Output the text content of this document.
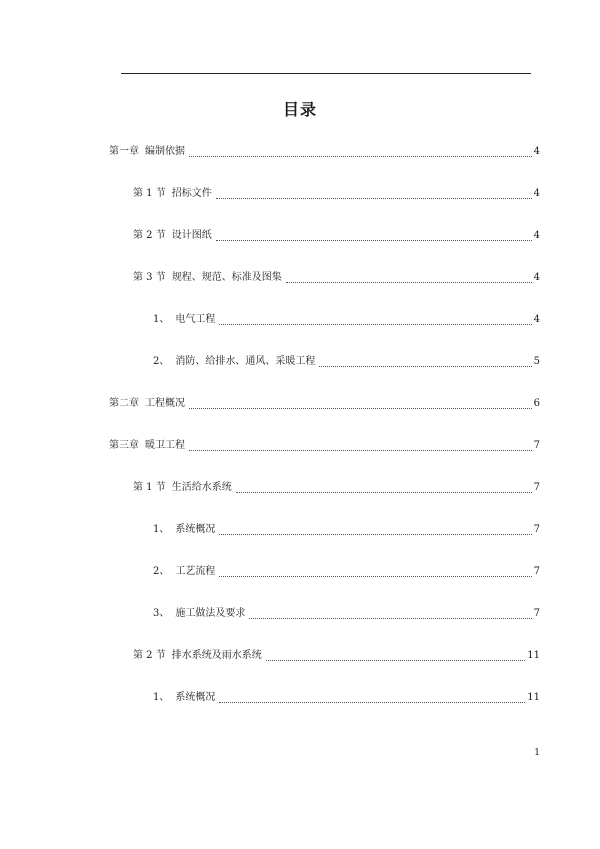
目录
第一章 编制依据	4
第 1 节 招标文件	4
第 2 节 设计图纸	4
第 3 节 规程、规范、标准及图集	4
1、 电气工程	4
2、 消防、给排水、通风、采暖工程	5
第二章 工程概况	6
第三章 暖卫工程	7
第 1 节 生活给水系统	7
1、 系统概况	7
2、 工艺流程	7
3、 施工做法及要求	7
第 2 节 排水系统及雨水系统	11
1、 系统概况	11
1
